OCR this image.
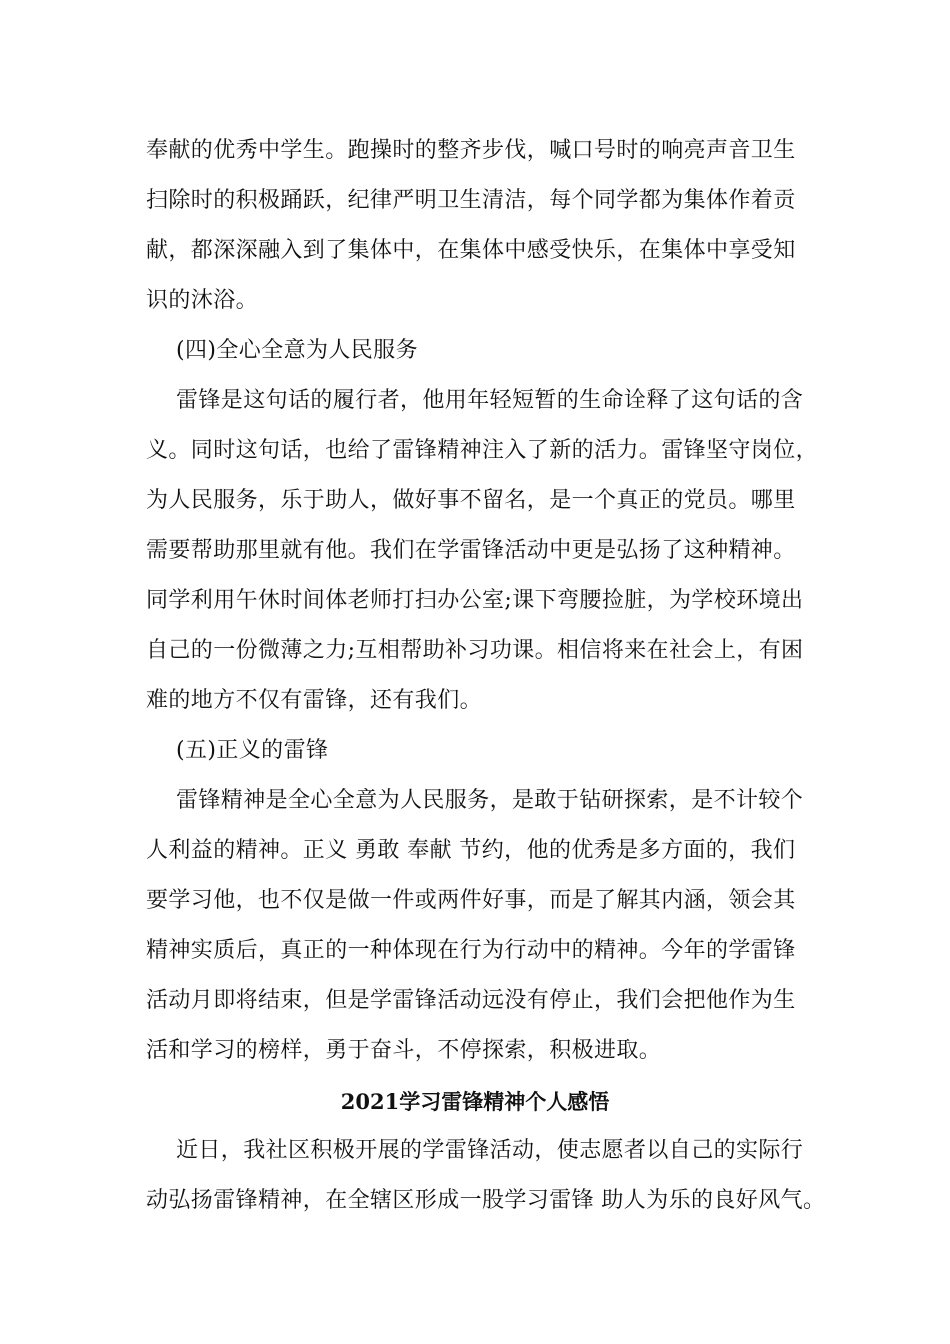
奉献的优秀中学生。跑操时的整齐步伐，喊口号时的响亮声音卫生
扫除时的积极踊跃，纪律严明卫生清洁，每个同学都为集体作着贡
献，都深深融入到了集体中，在集体中感受快乐，在集体中享受知
识的沐浴。
(四)全心全意为人民服务
雷锋是这句话的履行者，他用年轻短暂的生命诠释了这句话的含
义。同时这句话，也给了雷锋精神注入了新的活力。雷锋坚守岗位，
为人民服务，乐于助人，做好事不留名，是一个真正的党员。哪里
需要帮助那里就有他。我们在学雷锋活动中更是弘扬了这种精神。
同学利用午休时间体老师打扫办公室;课下弯腰捡脏，为学校环境出
自己的一份微薄之力;互相帮助补习功课。相信将来在社会上，有困
难的地方不仅有雷锋，还有我们。
(五)正义的雷锋
雷锋精神是全心全意为人民服务，是敢于钻研探索，是不计较个
人利益的精神。正义 勇敢 奉献 节约，他的优秀是多方面的，我们
要学习他，也不仅是做一件或两件好事，而是了解其内涵，领会其
精神实质后，真正的一种体现在行为行动中的精神。今年的学雷锋
活动月即将结束，但是学雷锋活动远没有停止，我们会把他作为生
活和学习的榜样，勇于奋斗，不停探索，积极进取。
2021学习雷锋精神个人感悟
近日，我社区积极开展的学雷锋活动，使志愿者以自己的实际行
动弘扬雷锋精神，在全辖区形成一股学习雷锋 助人为乐的良好风气。
